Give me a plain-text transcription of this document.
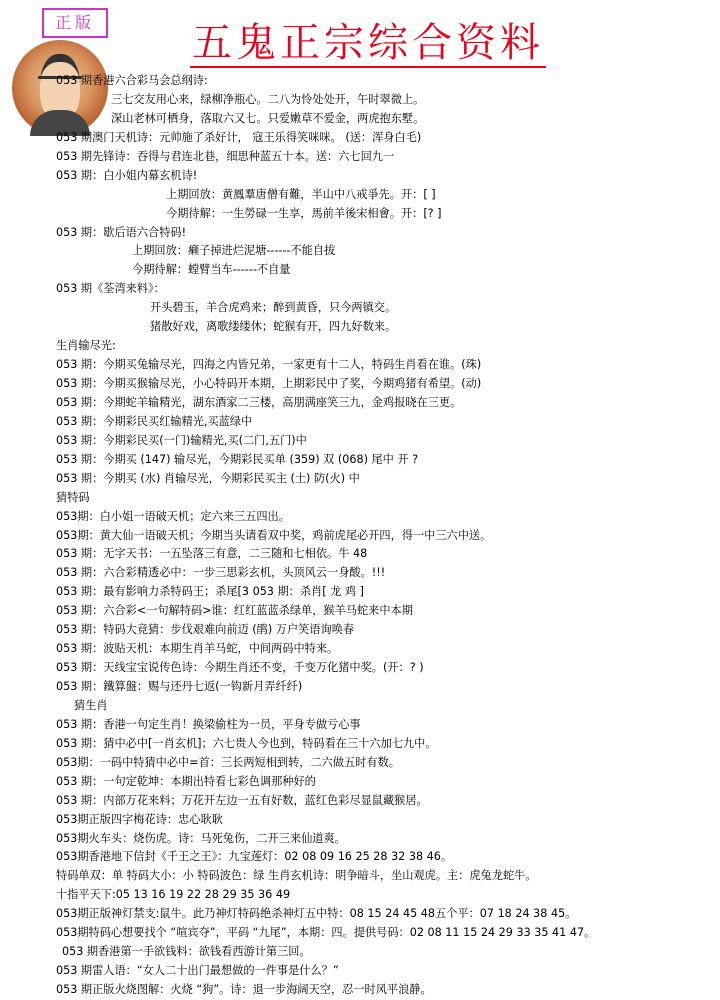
正版	五鬼正宗综合资料
053 期香港六合彩马会总纲诗:
三七交友用心来，绿柳净瓶心。二八为怜处处开，午时翠微上。
深山老林可栖身，落取六又七。只爱嫩草不爱金，两虎抱东墅。
053 期澳门天机诗：元帅施了杀好计， 寇王乐得笑咪咪。 (送：浑身白毛)
053 期先锋诗：吞得与君连北巷，细思种蓝五十本。送：六七回九一
053 期：白小姐内幕玄机诗!
上期回放：黄鳳羣唐僧有難，半山中八戒爭先。开：[ ]
今期待解：一生勞碌一生享，馬前羊後宋相會。开：[? ]
053 期：歇后语六合特码!
上期回放：癞子掉进烂泥塘------不能自拔
今期待解：螳臂当车------不自量
053 期《荃湾来料》：
开头碧玉，羊合虎鸡来；醉到黄昏，只今两镇交。
猪散好戏，离歌缕缕休；蛇猴有开，四九好数来。
生肖输尽光:
053 期：今期买兔输尽光，四海之内皆兄弟，一家更有十二人，特码生肖看在谁。(珠)
053 期：今期买猴输尽光，小心特码开本期，上期彩民中了奖，今期鸡猪有希望。(动)
053 期：今期蛇羊输精光，湖东酒家二三楼，高朋满座笑三九，金鸡报晓在三更。
053 期：今期彩民买红输精光,买蓝绿中
053 期：今期彩民买(一门)输精光,买(二门,五门)中
053 期：今期买 (147) 输尽光，今期彩民买单 (359) 双 (068) 尾中 开 ?
053 期：今期买 (水) 肖输尽光，今期彩民买主 (土) 防(火) 中
猜特码
053期：白小姐一语破天机；定六来三五四出。
053期：黄大仙一语破天机；今期当头请看双中奖，鸡前虎尾必开四，得一中三六中送。
053 期：无字天书：一五坠落三有意，二三随和七相依。牛 48
053 期：六合彩精透必中：一步三思彩玄机，头顶风云一身酸。!!!
053 期：最有影响力杀特码王；杀尾[3 053 期：杀肖[ 龙 鸡 ]
053 期：六合彩<一句解特码>谁：红红蓝蓝杀绿单，猴羊马蛇来中本期
053 期：特码大竞猜：步伐艰难向前迈 (鹃) 万户笑语询唤春
053 期：波贴天机：本期生肖羊马蛇，中间两码中特来。
053 期：天线宝宝说传色诗：今期生肖还不变，千变万化猪中奖。(开：? )
053 期：鐵算盤：赐与还丹七返(一钩新月弄纤纤)
猜生肖
053 期：香港一句定生肖！换梁偷柱为一员，平身专做亏心事
053 期：猜中必中[一肖玄机]；六七贵人今也到，特码看在三十六加七九中。
053期：一码中特猜中必中=首：三长两短相到转，二六做五时有数。
053 期：一句定乾坤：本期出特看七彩色调那种好的
053 期：内部万花来料；万花开左边一五有好数，蓝红色彩尽显鼠藏猴居。
053期正版四字梅花诗：忠心耿耿
053期火车头：烧伤虎。诗：马死兔伤，二开三来仙道爽。
053期香港地下信封《千王之王》：九宝莲灯：02 08 09 16 25 28 32 38 46。
特码单双：单 特码大小：小 特码波色：绿 生肖玄机诗：明争暗斗，坐山观虎。主：虎兔龙蛇牛。
十指平天下:05 13 16 19 22 28 29 35 36 49
053期正版神灯禁支:鼠牛。此乃神灯特码绝杀神灯五中特：08 15 24 45 48五个平：07 18 24 38 45。
053期特码心想要找个 “喧宾夺”，平码 “九尾”，本期：四。提供号码：02 08 11 15 24 29 33 35 41 47。
053 期香港第一手欲钱料：欲钱看西游计第三回。
053 期雷人语：“女人二十出门最想做的一件事是什么？”
053 期正版火烧图解：火烧 “狗”。诗：退一步海阔天空，忍一时风平浪静。
